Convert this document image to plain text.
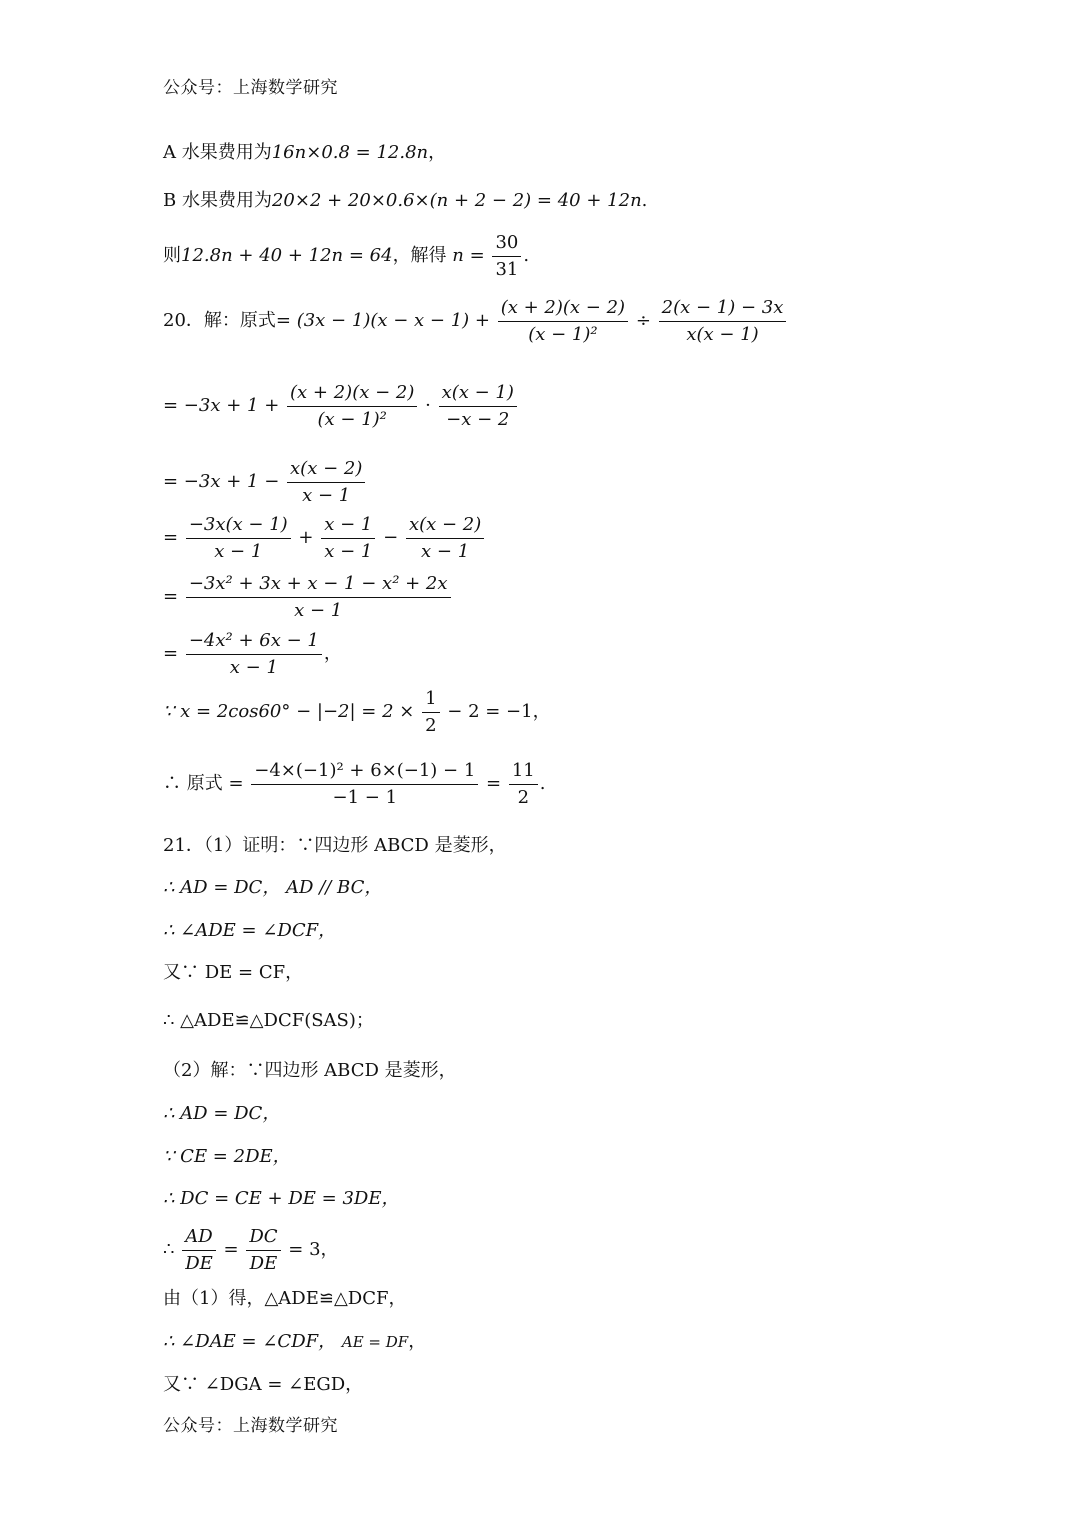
公众号：上海数学研究
A 水果费用为16n×0.8 = 12.8n，
B 水果费用为20×2 + 20×0.6×(n + 2 − 2) = 40 + 12n.
则12.8n + 40 + 12n = 64，解得 $n = \frac{30}{31}$ .
20．解：原式= $(3x - 1)(x - x - 1) + \frac{(x + 2)(x - 2)}{\text{(x − 1)²}} \div \frac{2(x - 1) - 3x}{x(x - 1)}$
= $-3x + 1 + \frac{(x + 2)(x - 2)}{\text{(x − 1)²}} \cdot \frac{x(x - 1)}{-x - 2}$
= $-3x + 1 - \frac{x(x - 2)}{x - 1}$
= $\frac{-3x(x - 1)}{x - 1} + \frac{x - 1}{x - 1} - \frac{x(x - 2)}{x - 1}$
= $\frac{\text{−3x² + 3x + x − 1 − x² + 2x}}{x - 1}$
= $\frac{\text{−4x² + 6x − 1}}{x - 1}$ ，
∵ $x = 2\cos 60^\circ - |-2| = 2 \times \frac{1}{2} - 2 = -1$，
∴ 原式 = $\frac{\text{−4×(−1)² + 6×(−1) − 1}}{-1 - 1} = \frac{11}{2}$ .
21．（1）证明：∵四边形 ABCD 是菱形，
∴ AD = DC， AD // BC，
∴ ∠ADE = ∠DCF，
又∵ DE = CF，
∴ △ADE≌△DCF(SAS)；
（2）解：∵四边形 ABCD 是菱形，
∴ AD = DC，
∵ CE = 2DE，
∴ DC = CE + DE = 3DE，
∴ $\frac{AD}{DE} = \frac{DC}{DE} = 3$，
由（1）得，△ADE≌△DCF，
∴ ∠DAE = ∠CDF， AE = DF，
又∵ ∠DGA = ∠EGD，
公众号：上海数学研究
